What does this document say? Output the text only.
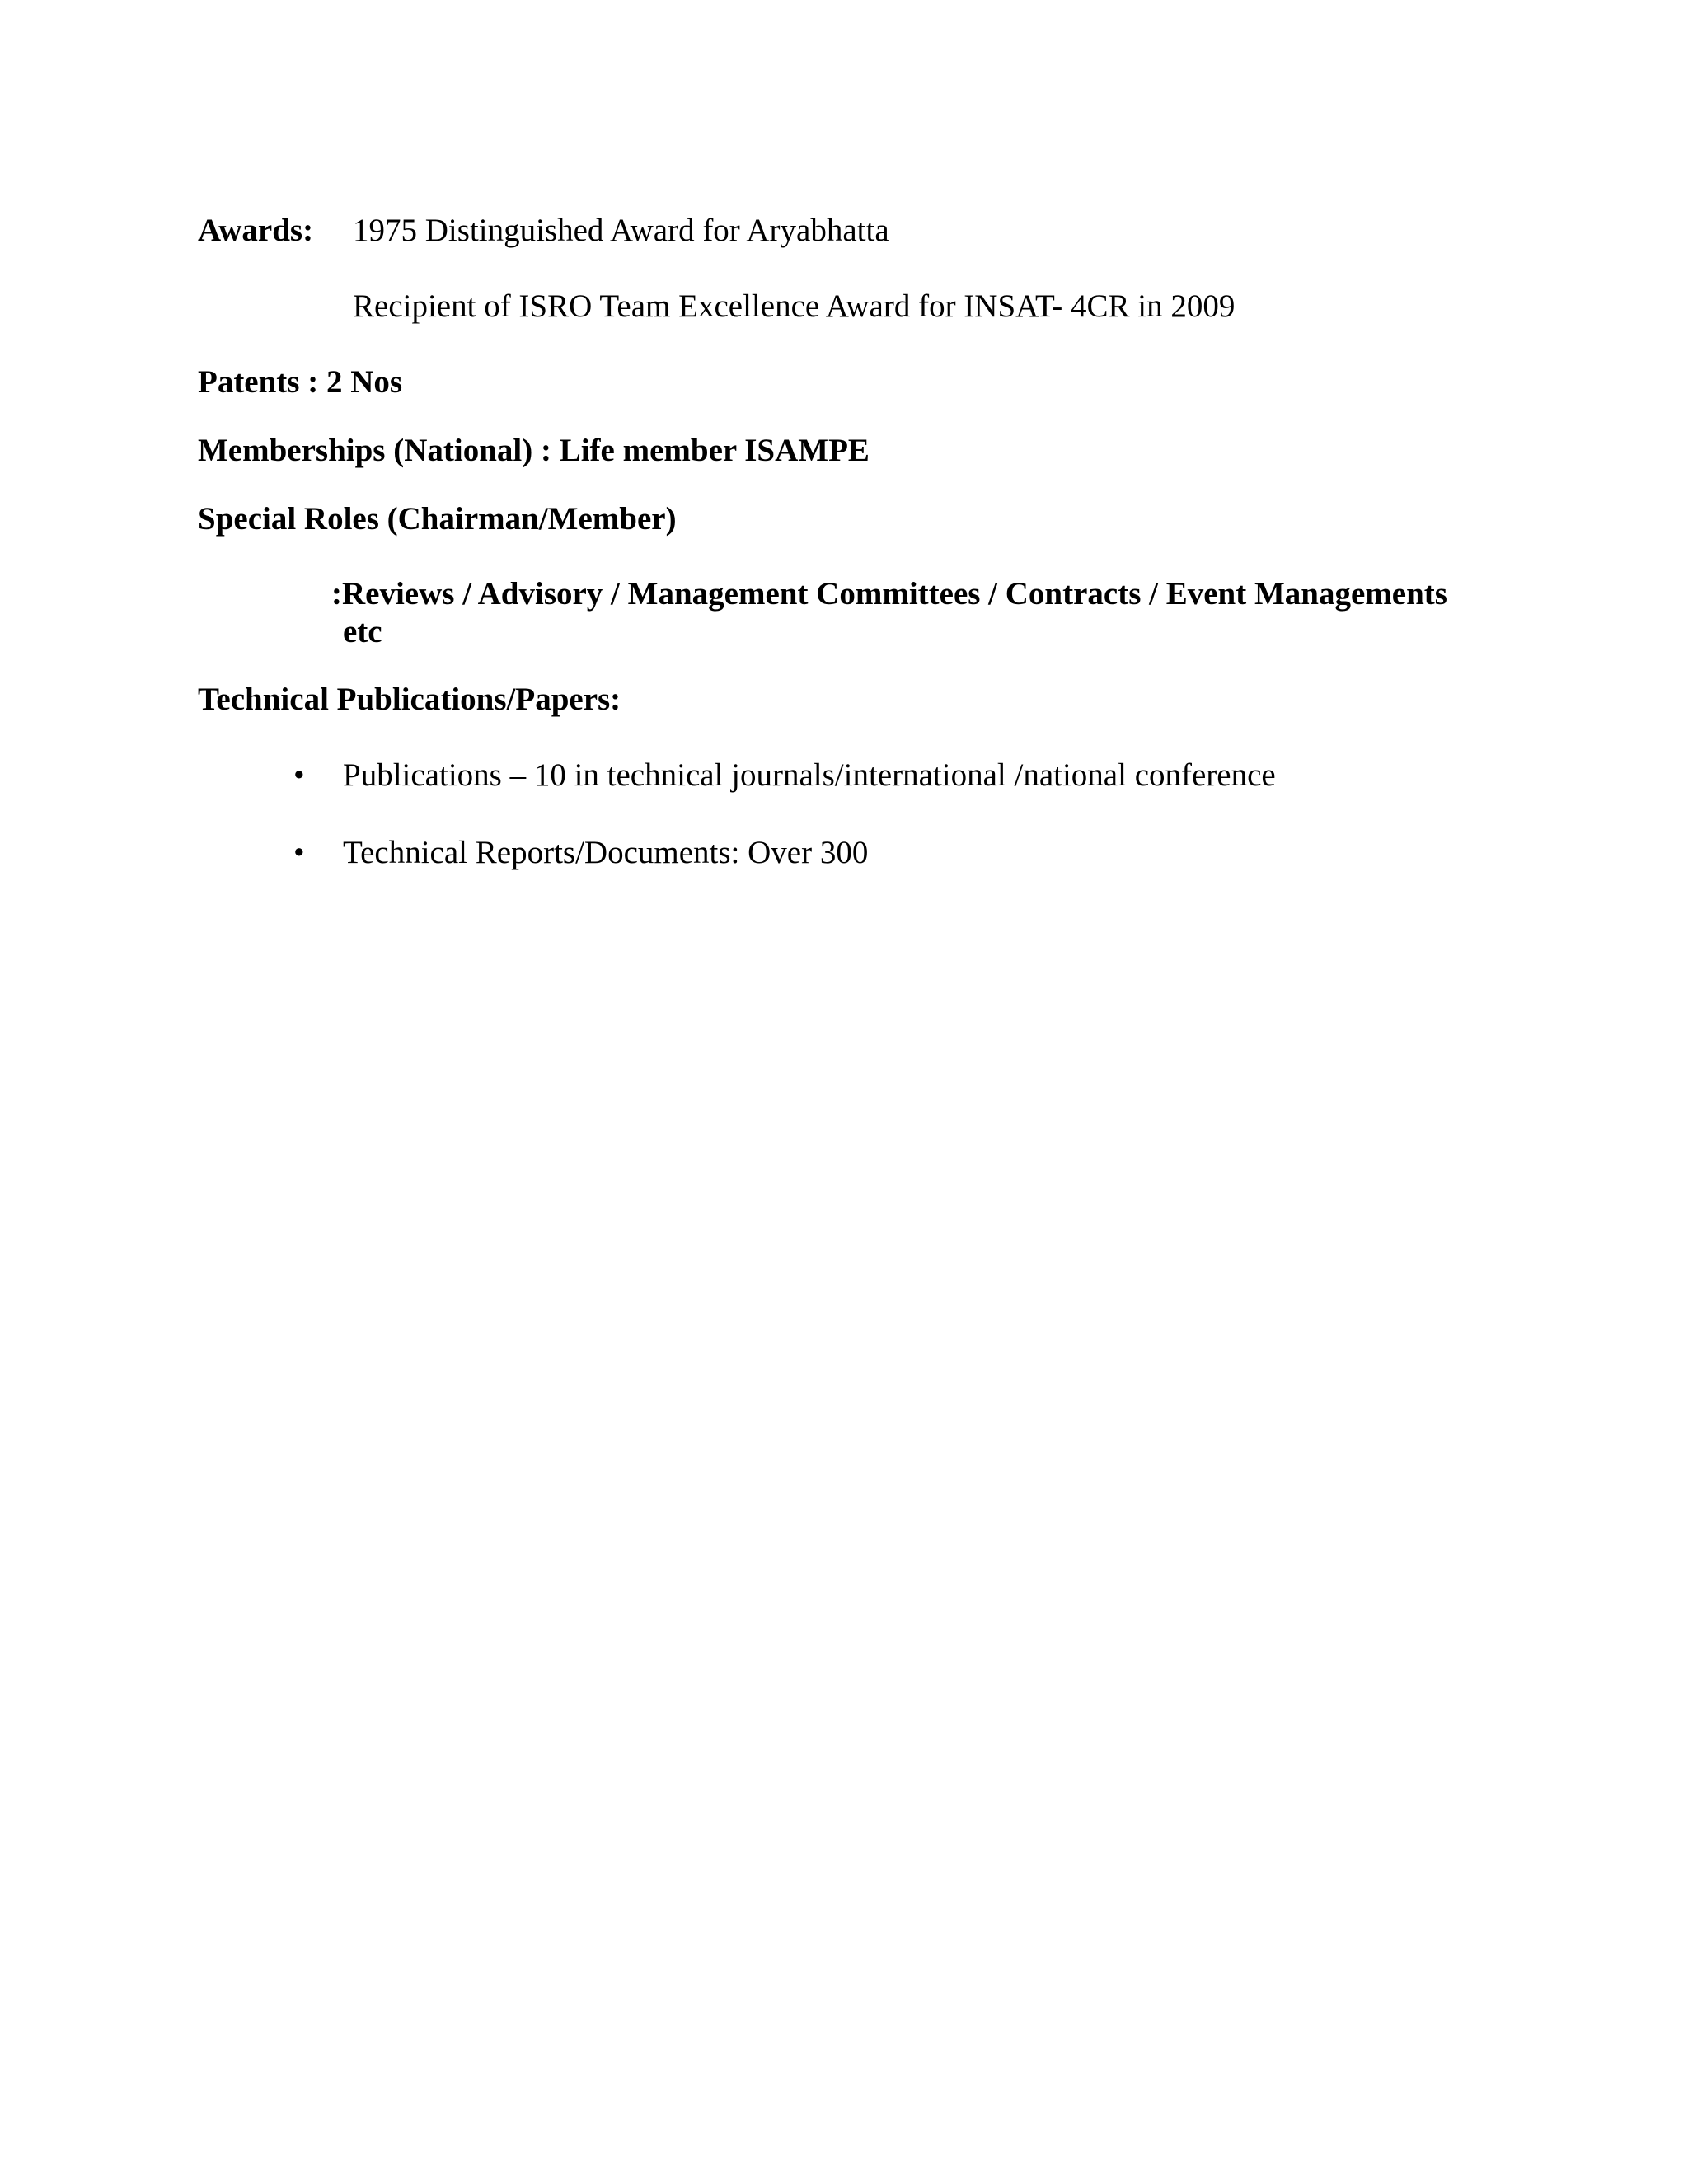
Awards: 1975 Distinguished Award for Aryabhatta
Recipient of ISRO Team Excellence Award for INSAT- 4CR in 2009
Patents : 2 Nos
Memberships (National) : Life member ISAMPE
Special Roles (Chairman/Member)
:Reviews / Advisory / Management Committees / Contracts / Event Managements
etc
Technical Publications/Papers:
• Publications – 10 in technical journals/international /national conference
• Technical Reports/Documents: Over 300
